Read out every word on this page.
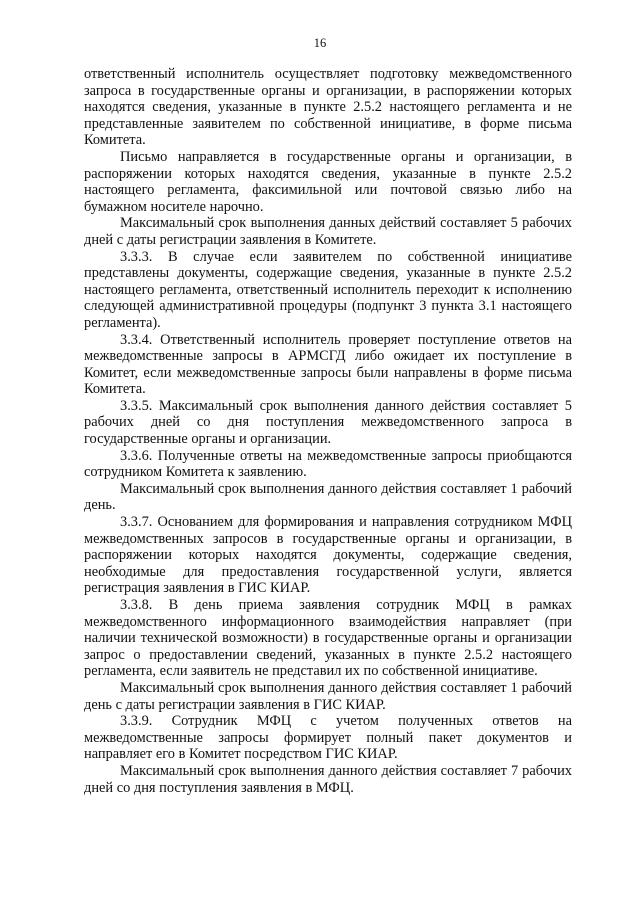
16

ответственный исполнитель осуществляет подготовку межведомственного запроса в государственные органы и организации, в распоряжении которых находятся сведения, указанные в пункте 2.5.2 настоящего регламента и не представленные заявителем по собственной инициативе, в форме письма Комитета.

Письмо направляется в государственные органы и организации, в распоряжении которых находятся сведения, указанные в пункте 2.5.2 настоящего регламента, факсимильной или почтовой связью либо на бумажном носителе нарочно.

Максимальный срок выполнения данных действий составляет 5 рабочих дней с даты регистрации заявления в Комитете.

3.3.3. В случае если заявителем по собственной инициативе представлены документы, содержащие сведения, указанные в пункте 2.5.2 настоящего регламента, ответственный исполнитель переходит к исполнению следующей административной процедуры (подпункт 3 пункта 3.1 настоящего регламента).

3.3.4. Ответственный исполнитель проверяет поступление ответов на межведомственные запросы в АРМСГД либо ожидает их поступление в Комитет, если межведомственные запросы были направлены в форме письма Комитета.

3.3.5. Максимальный срок выполнения данного действия составляет 5 рабочих дней со дня поступления межведомственного запроса в государственные органы и организации.

3.3.6. Полученные ответы на межведомственные запросы приобщаются сотрудником Комитета к заявлению.

Максимальный срок выполнения данного действия составляет 1 рабочий день.

3.3.7. Основанием для формирования и направления сотрудником МФЦ межведомственных запросов в государственные органы и организации, в распоряжении которых находятся документы, содержащие сведения, необходимые для предоставления государственной услуги, является регистрация заявления в ГИС КИАР.

3.3.8. В день приема заявления сотрудник МФЦ в рамках межведомственного информационного взаимодействия направляет (при наличии технической возможности) в государственные органы и организации запрос о предоставлении сведений, указанных в пункте 2.5.2 настоящего регламента, если заявитель не представил их по собственной инициативе.

Максимальный срок выполнения данного действия составляет 1 рабочий день с даты регистрации заявления в ГИС КИАР.

3.3.9. Сотрудник МФЦ с учетом полученных ответов на межведомственные запросы формирует полный пакет документов и направляет его в Комитет посредством ГИС КИАР.

Максимальный срок выполнения данного действия составляет 7 рабочих дней со дня поступления заявления в МФЦ.
